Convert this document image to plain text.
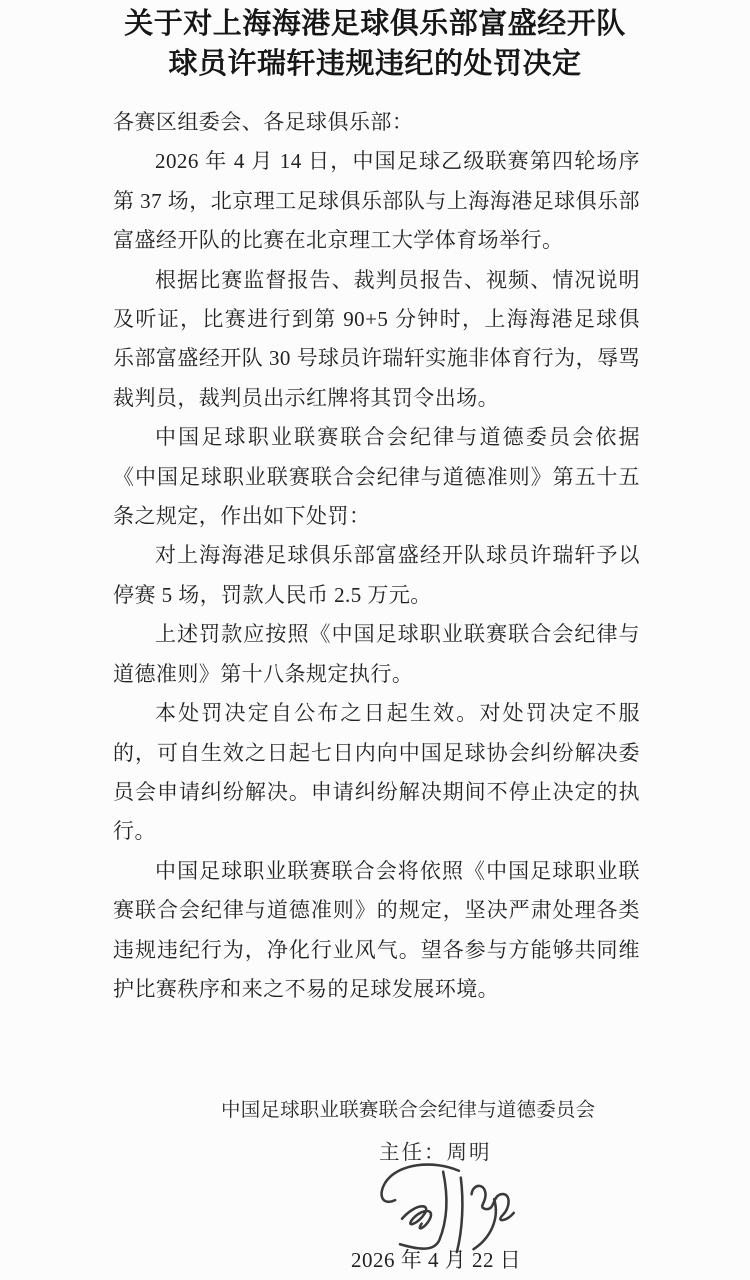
关于对上海海港足球俱乐部富盛经开队
球员许瑞轩违规违纪的处罚决定

各赛区组委会、各足球俱乐部：

2026 年 4 月 14 日，中国足球乙级联赛第四轮场序第 37 场，北京理工足球俱乐部队与上海海港足球俱乐部富盛经开队的比赛在北京理工大学体育场举行。

根据比赛监督报告、裁判员报告、视频、情况说明及听证，比赛进行到第 90+5 分钟时，上海海港足球俱乐部富盛经开队 30 号球员许瑞轩实施非体育行为，辱骂裁判员，裁判员出示红牌将其罚令出场。

中国足球职业联赛联合会纪律与道德委员会依据《中国足球职业联赛联合会纪律与道德准则》第五十五条之规定，作出如下处罚：

对上海海港足球俱乐部富盛经开队球员许瑞轩予以停赛 5 场，罚款人民币 2.5 万元。

上述罚款应按照《中国足球职业联赛联合会纪律与道德准则》第十八条规定执行。

本处罚决定自公布之日起生效。对处罚决定不服的，可自生效之日起七日内向中国足球协会纠纷解决委员会申请纠纷解决。申请纠纷解决期间不停止决定的执行。

中国足球职业联赛联合会将依照《中国足球职业联赛联合会纪律与道德准则》的规定，坚决严肃处理各类违规违纪行为，净化行业风气。望各参与方能够共同维护比赛秩序和来之不易的足球发展环境。

中国足球职业联赛联合会纪律与道德委员会
主任：周明
2026 年 4 月 22 日
